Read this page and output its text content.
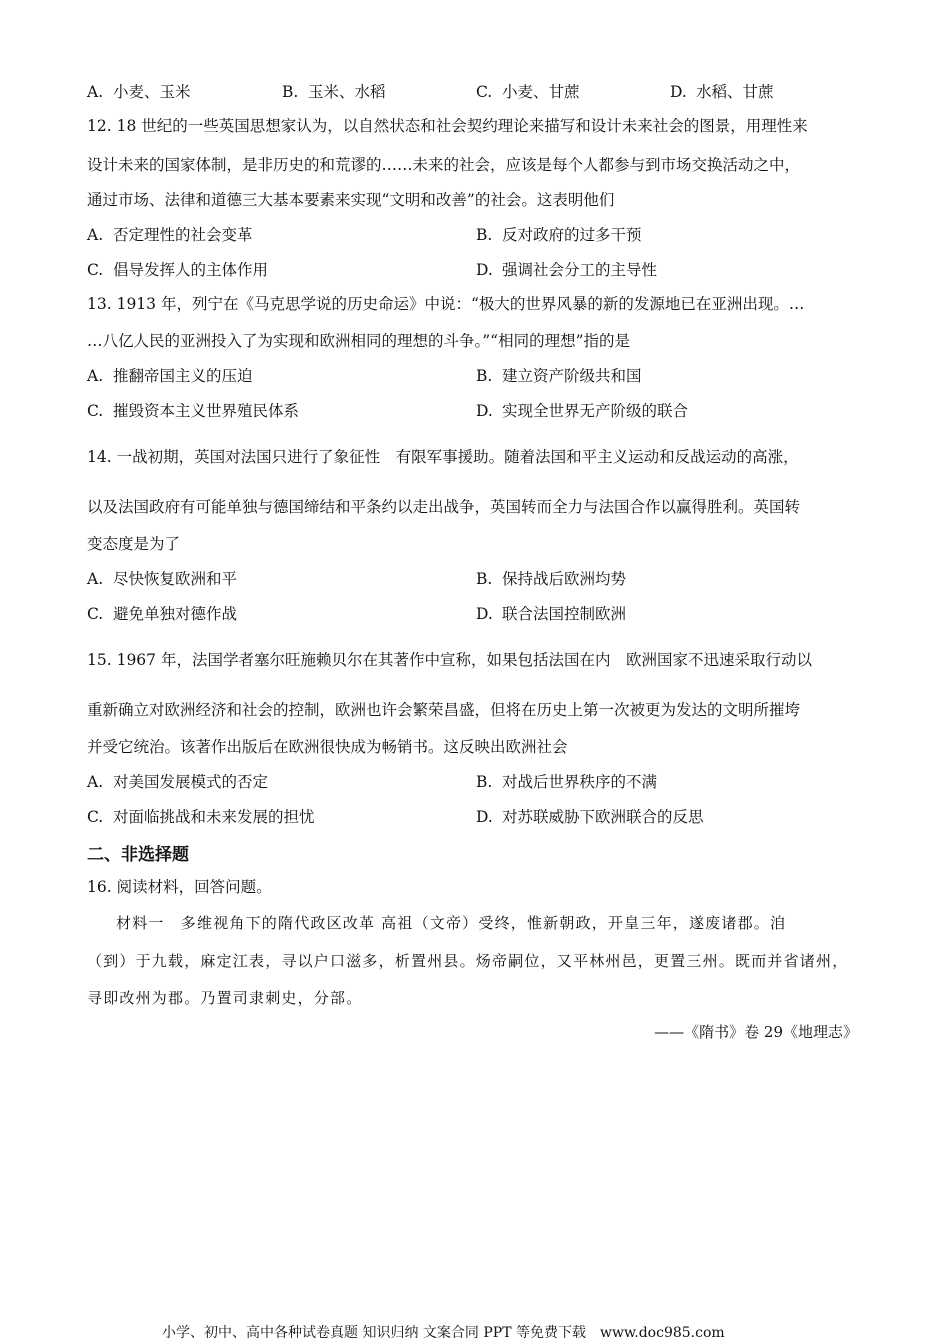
A. 小麦、玉米	B. 玉米、水稻	C. 小麦、甘蔗	D. 水稻、甘蔗
12. 18 世纪的一些英国思想家认为，以自然状态和社会契约理论来描写和设计未来社会的图景，用理性来
设计未来的国家体制，是非历史的和荒谬的……未来的社会，应该是每个人都参与到市场交换活动之中，
通过市场、法律和道德三大基本要素来实现“文明和改善”的社会。这表明他们
A. 否定理性的社会变革	B. 反对政府的过多干预
C. 倡导发挥人的主体作用	D. 强调社会分工的主导性
13. 1913 年，列宁在《马克思学说的历史命运》中说：“极大的世界风暴的新的发源地已在亚洲出现。…
…八亿人民的亚洲投入了为实现和欧洲相同的理想的斗争。”“相同的理想”指的是
A. 推翻帝国主义的压迫	B. 建立资产阶级共和国
C. 摧毁资本主义世界殖民体系	D. 实现全世界无产阶级的联合
14. 一战初期，英国对法国只进行了象征性　有限军事援助。随着法国和平主义运动和反战运动的高涨，
以及法国政府有可能单独与德国缔结和平条约以走出战争，英国转而全力与法国合作以赢得胜利。英国转
变态度是为了
A. 尽快恢复欧洲和平	B. 保持战后欧洲均势
C. 避免单独对德作战	D. 联合法国控制欧洲
15. 1967 年，法国学者塞尔旺施赖贝尔在其著作中宣称，如果包括法国在内　欧洲国家不迅速采取行动以
重新确立对欧洲经济和社会的控制，欧洲也许会繁荣昌盛，但将在历史上第一次被更为发达的文明所摧垮
并受它统治。该著作出版后在欧洲很快成为畅销书。这反映出欧洲社会
A. 对美国发展模式的否定	B. 对战后世界秩序的不满
C. 对面临挑战和未来发展的担忧	D. 对苏联威胁下欧洲联合的反思
二、非选择题
16. 阅读材料，回答问题。
材料一　多维视角下的隋代政区改革 高祖（文帝）受终，惟新朝政，开皇三年，遂废诸郡。洎
（到）于九载，麻定江表，寻以户口滋多，析置州县。炀帝嗣位，又平林州邑，更置三州。既而并省诸州，
寻即改州为郡。乃置司隶刺史，分部。
——《隋书》卷 29《地理志》
小学、初中、高中各种试卷真题 知识归纳 文案合同 PPT 等免费下载　www.doc985.com
